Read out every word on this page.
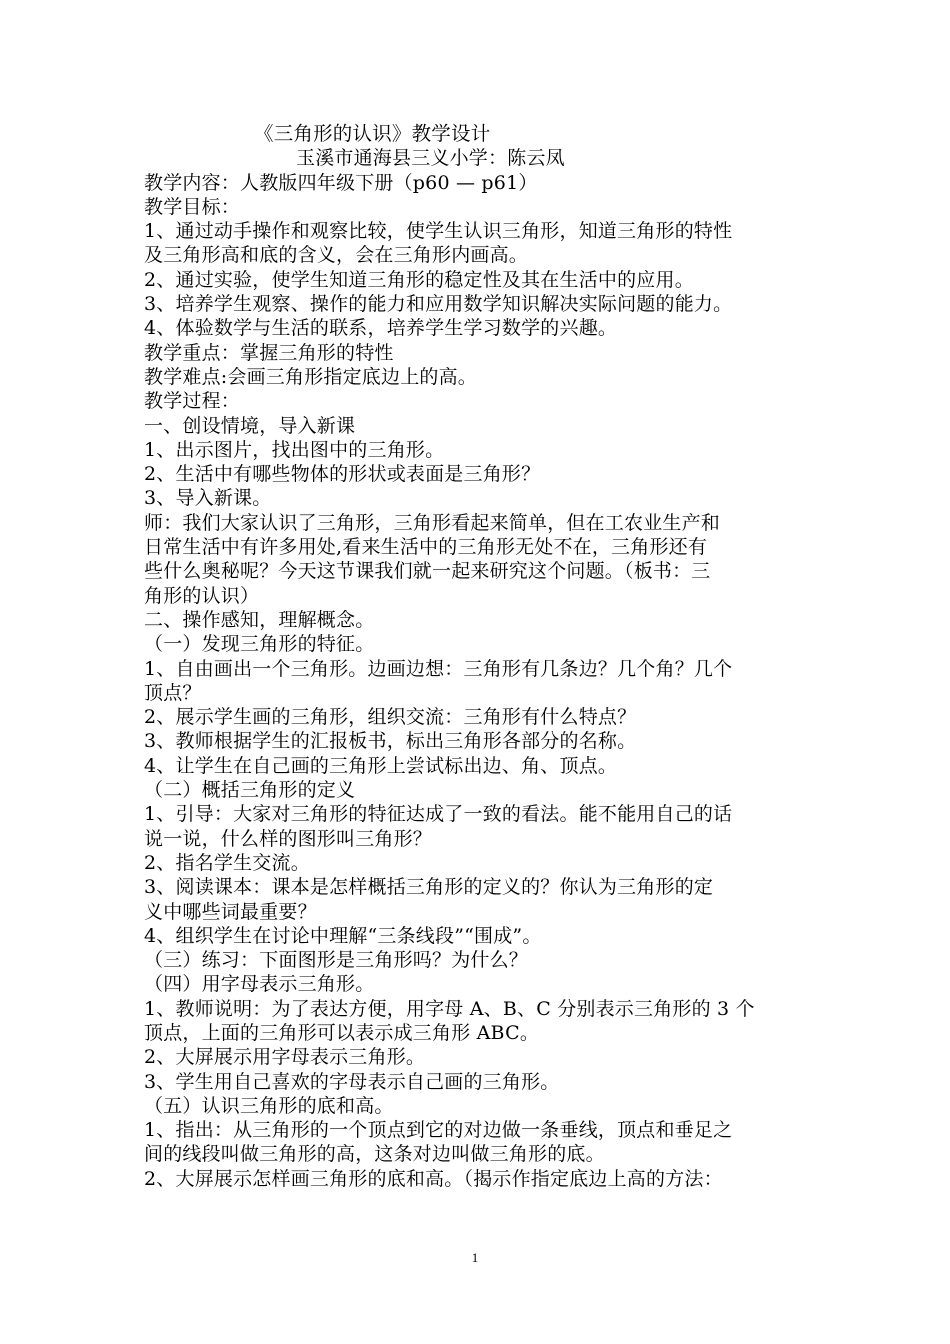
《三角形的认识》教学设计
玉溪市通海县三义小学：陈云凤
教学内容：人教版四年级下册（p60 — p61）
教学目标：
1、通过动手操作和观察比较，使学生认识三角形，知道三角形的特性
及三角形高和底的含义，会在三角形内画高。
2、通过实验，使学生知道三角形的稳定性及其在生活中的应用。
3、培养学生观察、操作的能力和应用数学知识解决实际问题的能力。
4、体验数学与生活的联系，培养学生学习数学的兴趣。
教学重点：掌握三角形的特性
教学难点:会画三角形指定底边上的高。
教学过程：
一、创设情境，导入新课
1、出示图片，找出图中的三角形。
2、生活中有哪些物体的形状或表面是三角形？
3、导入新课。
师：我们大家认识了三角形，三角形看起来简单，但在工农业生产和
日常生活中有许多用处,看来生活中的三角形无处不在，三角形还有
些什么奥秘呢？今天这节课我们就一起来研究这个问题。（板书：三
角形的认识）
二、操作感知，理解概念。
（一）发现三角形的特征。
1、自由画出一个三角形。边画边想：三角形有几条边？几个角？几个
顶点？
2、展示学生画的三角形，组织交流：三角形有什么特点？
3、教师根据学生的汇报板书，标出三角形各部分的名称。
4、让学生在自己画的三角形上尝试标出边、角、顶点。
（二）概括三角形的定义
1、引导：大家对三角形的特征达成了一致的看法。能不能用自己的话
说一说，什么样的图形叫三角形？
2、指名学生交流。
3、阅读课本：课本是怎样概括三角形的定义的？你认为三角形的定
义中哪些词最重要？
4、组织学生在讨论中理解“三条线段”“围成”。
（三）练习：下面图形是三角形吗？为什么？
（四）用字母表示三角形。
1、教师说明：为了表达方便，用字母 A、B、C 分别表示三角形的 3 个
顶点，上面的三角形可以表示成三角形 ABC。
2、大屏展示用字母表示三角形。
3、学生用自己喜欢的字母表示自己画的三角形。
（五）认识三角形的底和高。
1、指出：从三角形的一个顶点到它的对边做一条垂线，顶点和垂足之
间的线段叫做三角形的高，这条对边叫做三角形的底。
2、大屏展示怎样画三角形的底和高。（揭示作指定底边上高的方法：
1
